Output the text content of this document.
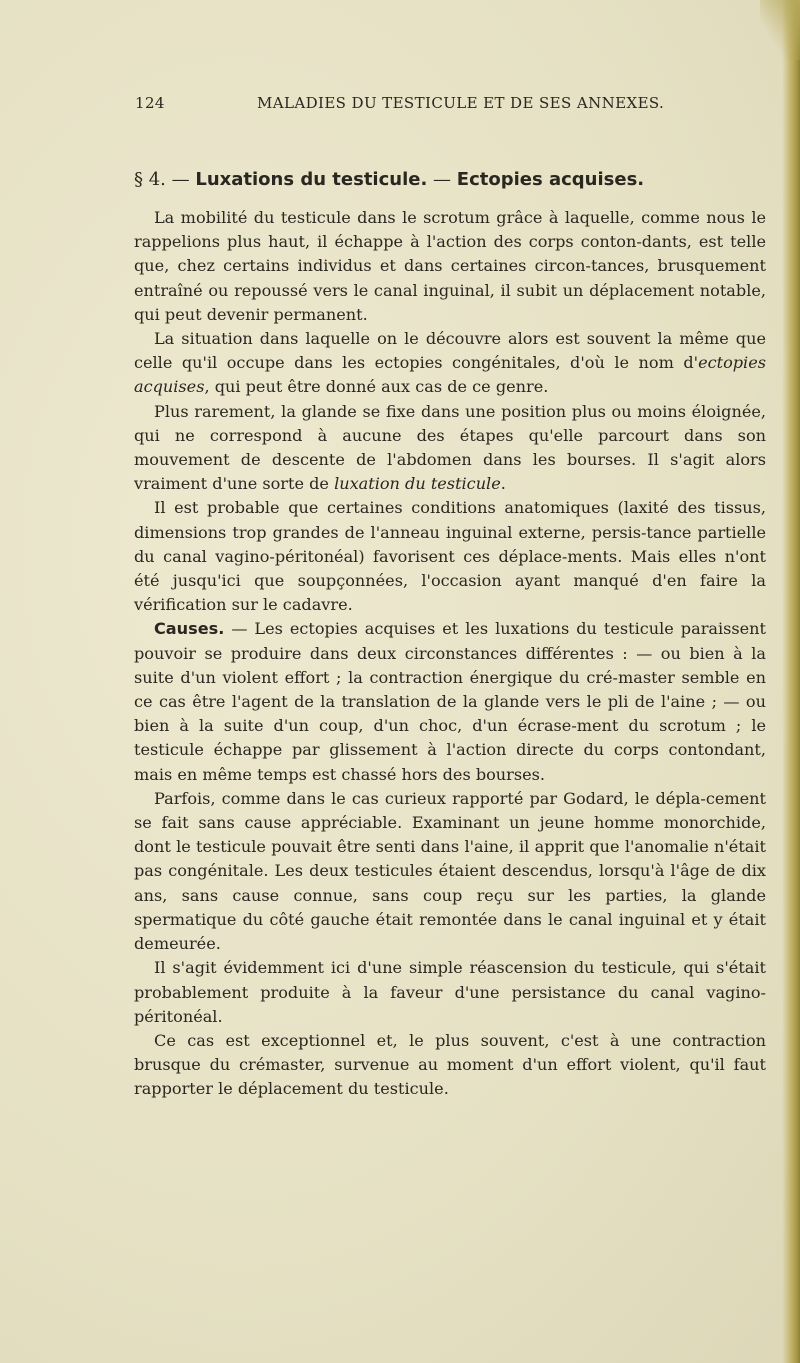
124	MALADIES DU TESTICULE ET DE SES ANNEXES.
§ 4. — Luxations du testicule. — Ectopies acquises.

La mobilité du testicule dans le scrotum grâce à laquelle, comme nous le rappelions plus haut, il échappe à l'action des corps conton-dants, est telle que, chez certains individus et dans certaines circon-tances, brusquement entraîné ou repoussé vers le canal inguinal, il subit un déplacement notable, qui peut devenir permanent.

La situation dans laquelle on le découvre alors est souvent la même que celle qu'il occupe dans les ectopies congénitales, d'où le nom d'ectopies acquises, qui peut être donné aux cas de ce genre.

Plus rarement, la glande se fixe dans une position plus ou moins éloignée, qui ne correspond à aucune des étapes qu'elle parcourt dans son mouvement de descente de l'abdomen dans les bourses. Il s'agit alors vraiment d'une sorte de luxation du testicule.

Il est probable que certaines conditions anatomiques (laxité des tissus, dimensions trop grandes de l'anneau inguinal externe, persis-tance partielle du canal vagino-péritonéal) favorisent ces déplace-ments. Mais elles n'ont été jusqu'ici que soupçonnées, l'occasion ayant manqué d'en faire la vérification sur le cadavre.

Causes. — Les ectopies acquises et les luxations du testicule paraissent pouvoir se produire dans deux circonstances différentes : — ou bien à la suite d'un violent effort ; la contraction énergique du cré-master semble en ce cas être l'agent de la translation de la glande vers le pli de l'aine ; — ou bien à la suite d'un coup, d'un choc, d'un écrase-ment du scrotum ; le testicule échappe par glissement à l'action directe du corps contondant, mais en même temps est chassé hors des bourses.

Parfois, comme dans le cas curieux rapporté par Godard, le dépla-cement se fait sans cause appréciable. Examinant un jeune homme monorchide, dont le testicule pouvait être senti dans l'aine, il apprit que l'anomalie n'était pas congénitale. Les deux testicules étaient descendus, lorsqu'à l'âge de dix ans, sans cause connue, sans coup reçu sur les parties, la glande spermatique du côté gauche était remontée dans le canal inguinal et y était demeurée.

Il s'agit évidemment ici d'une simple réascension du testicule, qui s'était probablement produite à la faveur d'une persistance du canal vagino-péritonéal.

Ce cas est exceptionnel et, le plus souvent, c'est à une contraction brusque du crémaster, survenue au moment d'un effort violent, qu'il faut rapporter le déplacement du testicule.
